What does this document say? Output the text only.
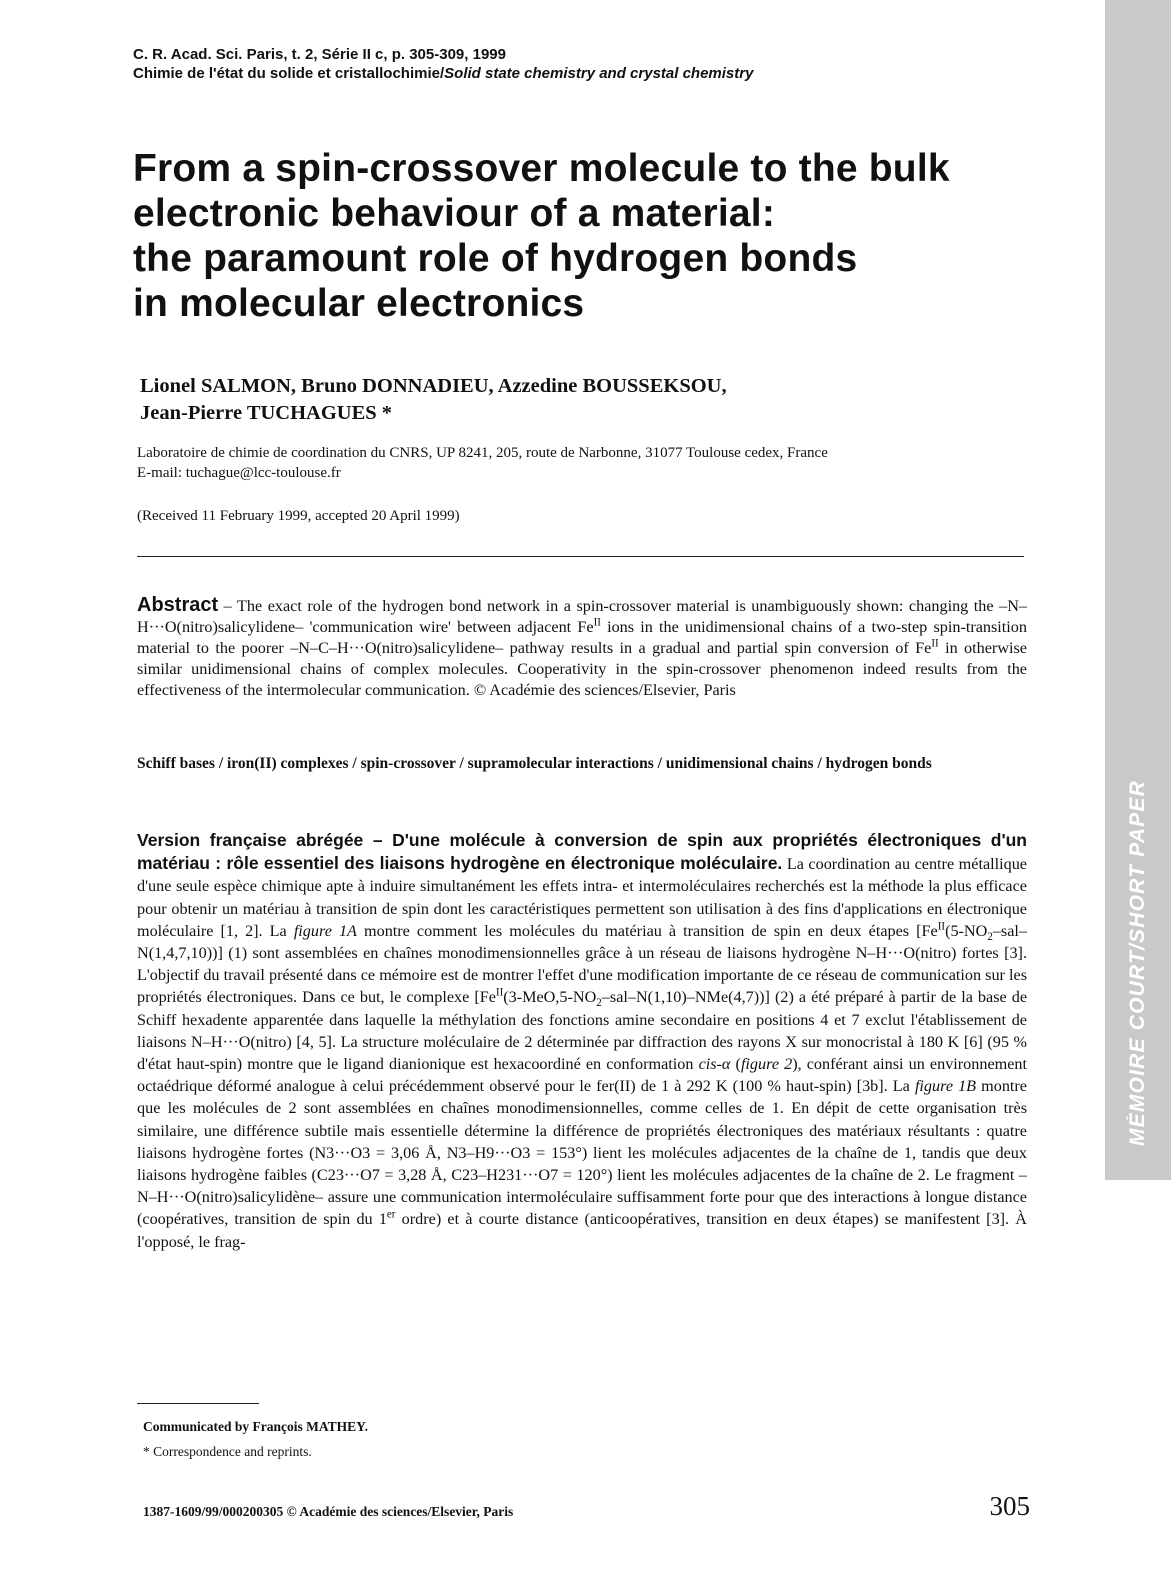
C. R. Acad. Sci. Paris, t. 2, Série II c, p. 305-309, 1999
Chimie de l'état du solide et cristallochimie/Solid state chemistry and crystal chemistry
From a spin-crossover molecule to the bulk
electronic behaviour of a material:
the paramount role of hydrogen bonds
in molecular electronics
Lionel SALMON, Bruno DONNADIEU, Azzedine BOUSSEKSOU,
Jean-Pierre TUCHAGUES *
Laboratoire de chimie de coordination du CNRS, UP 8241, 205, route de Narbonne, 31077 Toulouse cedex, France
E-mail: tuchague@lcc-toulouse.fr
(Received 11 February 1999, accepted 20 April 1999)
Abstract – The exact role of the hydrogen bond network in a spin-crossover material is unambiguously shown: changing the –N–H···O(nitro)salicylidene– 'communication wire' between adjacent $Fe^{II}$ ions in the unidimensional chains of a two-step spin-transition material to the poorer –N–C–H···O(nitro)salicylidene– pathway results in a gradual and partial spin conversion of $Fe^{II}$ in otherwise similar unidimensional chains of complex molecules. Cooperativity in the spin-crossover phenomenon indeed results from the effectiveness of the intermolecular communication. © Académie des sciences/Elsevier, Paris
Schiff bases / iron(II) complexes / spin-crossover / supramolecular interactions / unidimensional chains / hydrogen bonds
Version française abrégée – D'une molécule à conversion de spin aux propriétés électroniques d'un matériau : rôle essentiel des liaisons hydrogène en électronique moléculaire. La coordination au centre métallique d'une seule espèce chimique apte à induire simultanément les effets intra- et intermoléculaires recherchés est la méthode la plus efficace pour obtenir un matériau à transition de spin dont les caractéristiques permettent son utilisation à des fins d'applications en électronique moléculaire [1, 2]. La figure 1A montre comment les molécules du matériau à transition de spin en deux étapes $[Fe^{II}(5-NO_2-sal-N(1,4,7,10))]$ (1) sont assemblées en chaînes monodimensionnelles grâce à un réseau de liaisons hydrogène N–H···O(nitro) fortes [3]. L'objectif du travail présenté dans ce mémoire est de montrer l'effet d'une modification importante de ce réseau de communication sur les propriétés électroniques. Dans ce but, le complexe $[Fe^{II}(3-MeO,5-NO_2-sal-N(1,10)-NMe(4,7))]$ (2) a été préparé à partir de la base de Schiff hexadente apparentée dans laquelle la méthylation des fonctions amine secondaire en positions 4 et 7 exclut l'établissement de liaisons N–H···O(nitro) [4, 5]. La structure moléculaire de 2 déterminée par diffraction des rayons X sur monocristal à 180 K [6] (95 % d'état haut-spin) montre que le ligand dianionique est hexacoordiné en conformation cis-α (figure 2), conférant ainsi un environnement octaédrique déformé analogue à celui précédemment observé pour le fer(II) de 1 à 292 K (100 % haut-spin) [3b]. La figure 1B montre que les molécules de 2 sont assemblées en chaînes monodimensionnelles, comme celles de 1. En dépit de cette organisation très similaire, une différence subtile mais essentielle détermine la différence de propriétés électroniques des matériaux résultants : quatre liaisons hydrogène fortes (N3···O3 = 3,06 Å, N3–H9···O3 = 153°) lient les molécules adjacentes de la chaîne de 1, tandis que deux liaisons hydrogène faibles (C23···O7 = 3,28 Å, C23–H231···O7 = 120°) lient les molécules adjacentes de la chaîne de 2. Le fragment –N–H···O(nitro)salicylidène– assure une communication intermoléculaire suffisamment forte pour que des interactions à longue distance (coopératives, transition de spin du 1er ordre) et à courte distance (anticoopératives, transition en deux étapes) se manifestent [3]. À l'opposé, le frag-
Communicated by François MATHEY.
* Correspondence and reprints.
1387-1609/99/000200305 © Académie des sciences/Elsevier, Paris	305
MÉMOIRE COURT/SHORT PAPER
